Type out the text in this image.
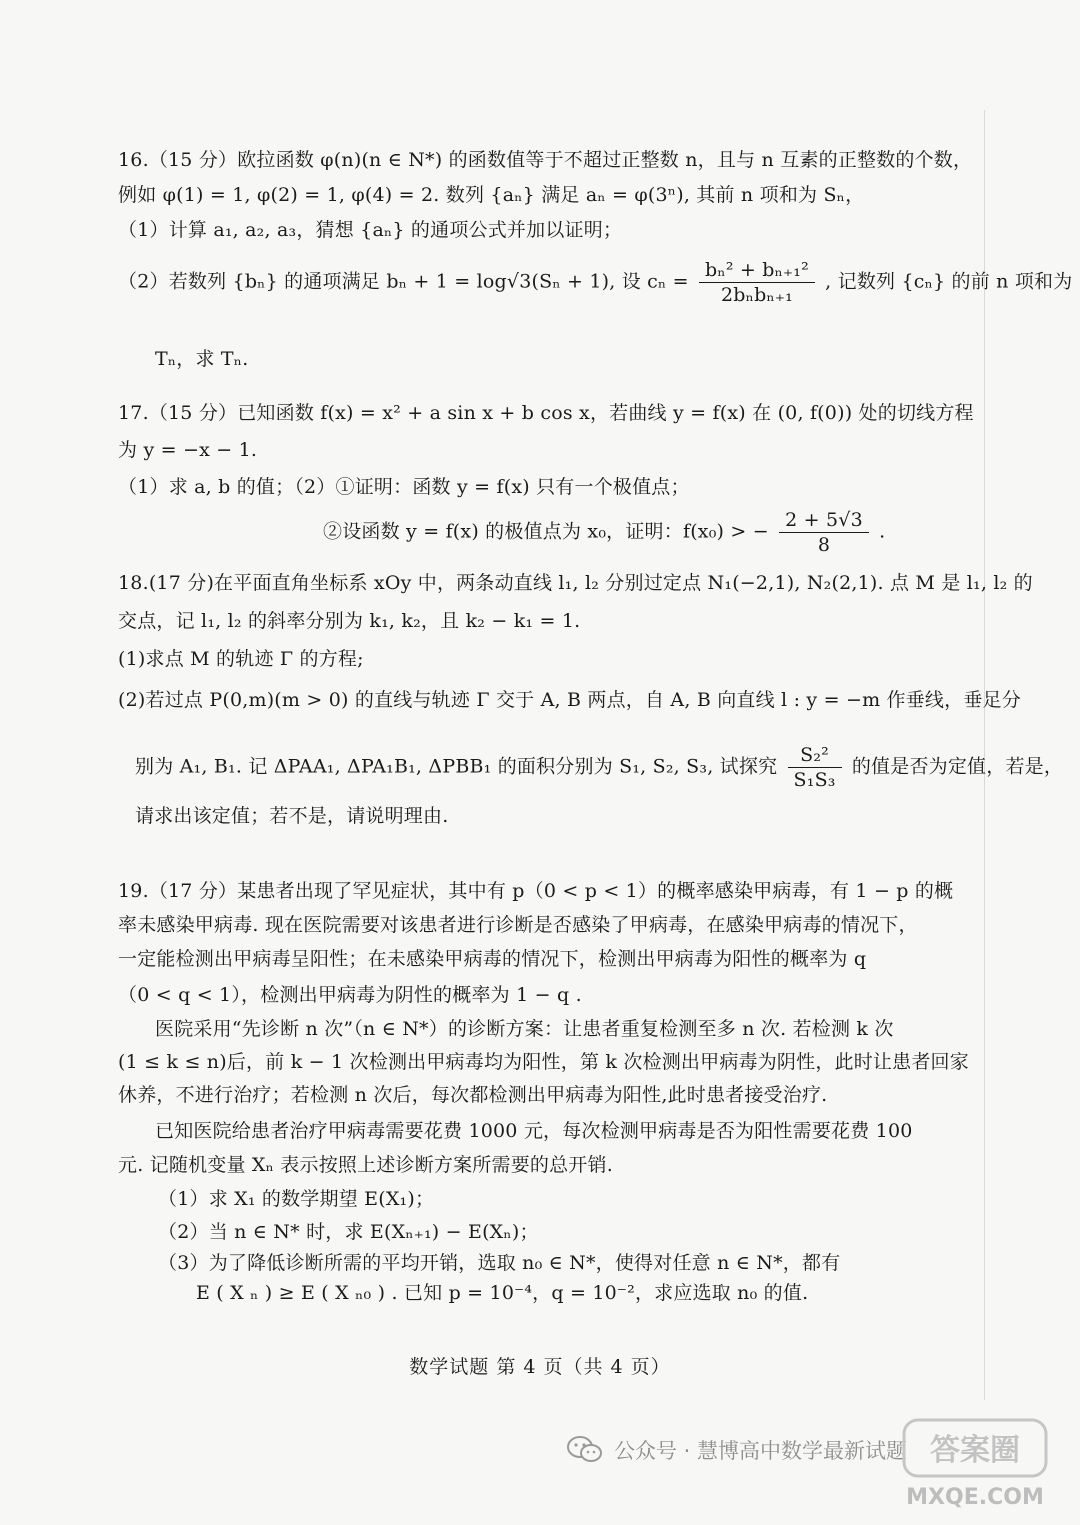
16.（15 分）欧拉函数 φ(n)(n ∈ N*) 的函数值等于不超过正整数 n，且与 n 互素的正整数的个数，
例如 φ(1) = 1, φ(2) = 1, φ(4) = 2. 数列 {aₙ} 满足 aₙ = φ(3ⁿ), 其前 n 项和为 Sₙ，
（1）计算 a₁, a₂, a₃，猜想 {aₙ} 的通项公式并加以证明；
（2）若数列 {bₙ} 的通项满足 bₙ + 1 = log√3(Sₙ + 1), 设 $c_n = \frac{\text{bₙ² + bₙ₊₁²}}{\text{2bₙbₙ₊₁}}$ , 记数列 {cₙ} 的前 n 项和为
Tₙ，求 Tₙ.
17.（15 分）已知函数 f(x) = x² + a sin x + b cos x，若曲线 y = f(x) 在 (0, f(0)) 处的切线方程
为 y = −x − 1.
（1）求 a, b 的值；（2）①证明：函数 y = f(x) 只有一个极值点；
②设函数 y = f(x) 的极值点为 x₀，证明：f(x₀) > − $\frac{2 + 5√3}{8}$ .
18.(17 分)在平面直角坐标系 xOy 中，两条动直线 l₁, l₂ 分别过定点 N₁(−2,1), N₂(2,1). 点 M 是 l₁, l₂ 的
交点，记 l₁, l₂ 的斜率分别为 k₁, k₂，且 k₂ − k₁ = 1.
(1)求点 M 的轨迹 Γ 的方程;
(2)若过点 P(0,m)(m > 0) 的直线与轨迹 Γ 交于 A, B 两点，自 A, B 向直线 l : y = −m 作垂线，垂足分
别为 A₁, B₁. 记 ΔPAA₁, ΔPA₁B₁, ΔPBB₁ 的面积分别为 S₁, S₂, S₃, 试探究 $\frac{\text{S₂²}}{\text{S₁S₃}}$ 的值是否为定值，若是，
请求出该定值；若不是，请说明理由.
19.（17 分）某患者出现了罕见症状，其中有 p（0 < p < 1）的概率感染甲病毒，有 1 − p 的概
率未感染甲病毒. 现在医院需要对该患者进行诊断是否感染了甲病毒，在感染甲病毒的情况下，
一定能检测出甲病毒呈阳性；在未感染甲病毒的情况下，检测出甲病毒为阳性的概率为 q
（0 < q < 1），检测出甲病毒为阴性的概率为 1 − q .
医院采用“先诊断 n 次”（n ∈ N*）的诊断方案：让患者重复检测至多 n 次. 若检测 k 次
(1 ≤ k ≤ n)后，前 k − 1 次检测出甲病毒均为阳性，第 k 次检测出甲病毒为阴性，此时让患者回家
休养，不进行治疗；若检测 n 次后，每次都检测出甲病毒为阳性,此时患者接受治疗.
已知医院给患者治疗甲病毒需要花费 1000 元，每次检测甲病毒是否为阳性需要花费 100
元. 记随机变量 Xₙ 表示按照上述诊断方案所需要的总开销.
（1）求 X₁ 的数学期望 E(X₁)；
（2）当 n ∈ N* 时，求 E(Xₙ₊₁) − E(Xₙ)；
（3）为了降低诊断所需的平均开销，选取 n₀ ∈ N*，使得对任意 n ∈ N*，都有
E ( X ₙ ) ≥ E ( X ₙ₀ ) . 已知 p = 10⁻⁴，q = 10⁻²，求应选取 n₀ 的值.
数学试题 第 4 页（共 4 页）
公众号 · 慧博高中数学最新试题 答案圈
MXQE.COM
